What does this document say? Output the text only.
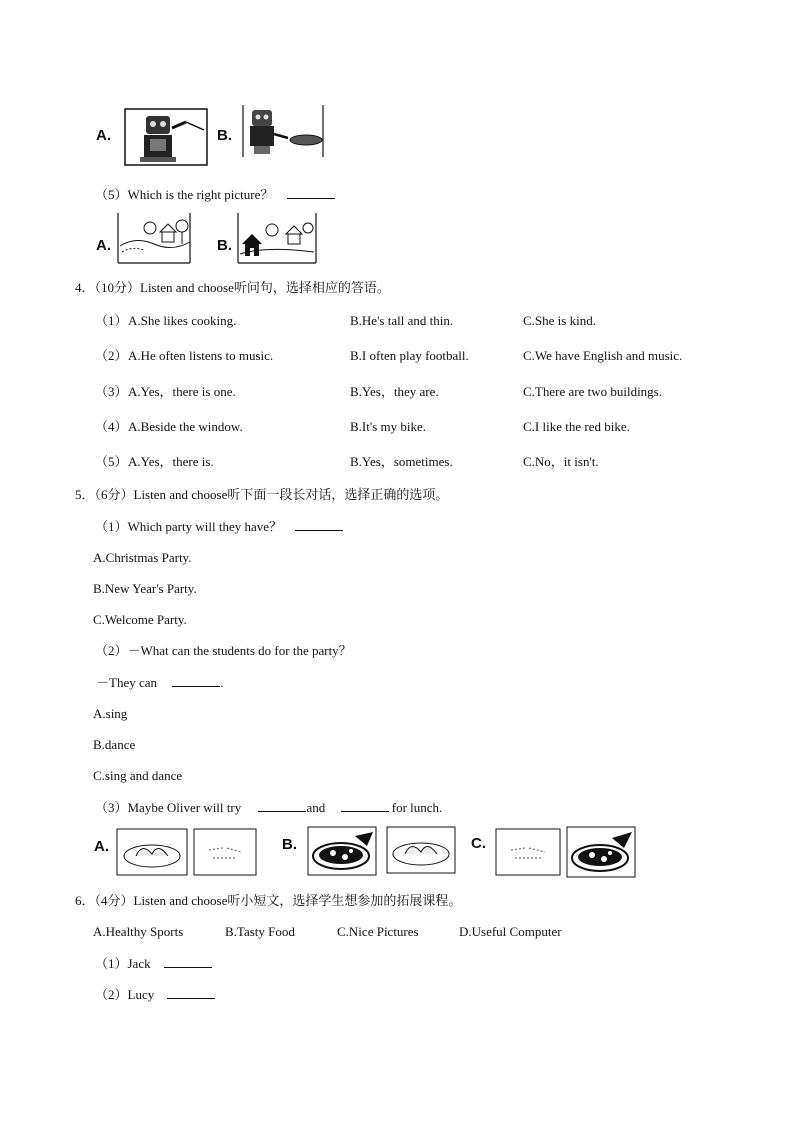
A.	B.
（5）Which is the right picture？
A.	B.
4．（10分）Listen and choose听问句，选择相应的答语。
（1） A.She likes cooking.	B.He's tall and thin.	C.She is kind.
（2） A.He often listens to music.	B.I often play football.	C.We have English and music.
（3） A.Yes，there is one.	B.Yes，they are.	C.There are two buildings.
（4） A.Beside the window.	B.It's my bike.	C.I like the red bike.
（5） A.Yes，there is.	B.Yes，sometimes.	C.No，it isn't.
5．（6分）Listen and choose听下面一段长对话，选择正确的选项。
（1）Which party will they have？
A.Christmas Party.
B.New Year's Party.
C.Welcome Party.
（2）－What can the students do for the party？
－They can	.
A.sing
B.dance
C.sing and dance
（3）Maybe Oliver will try	and	for lunch.
A.	B.	C.
6．（4分）Listen and choose听小短文，选择学生想参加的拓展课程。
A.Healthy Sports	B.Tasty Food	C.Nice Pictures	D.Useful Computer
（1）Jack
（2）Lucy
